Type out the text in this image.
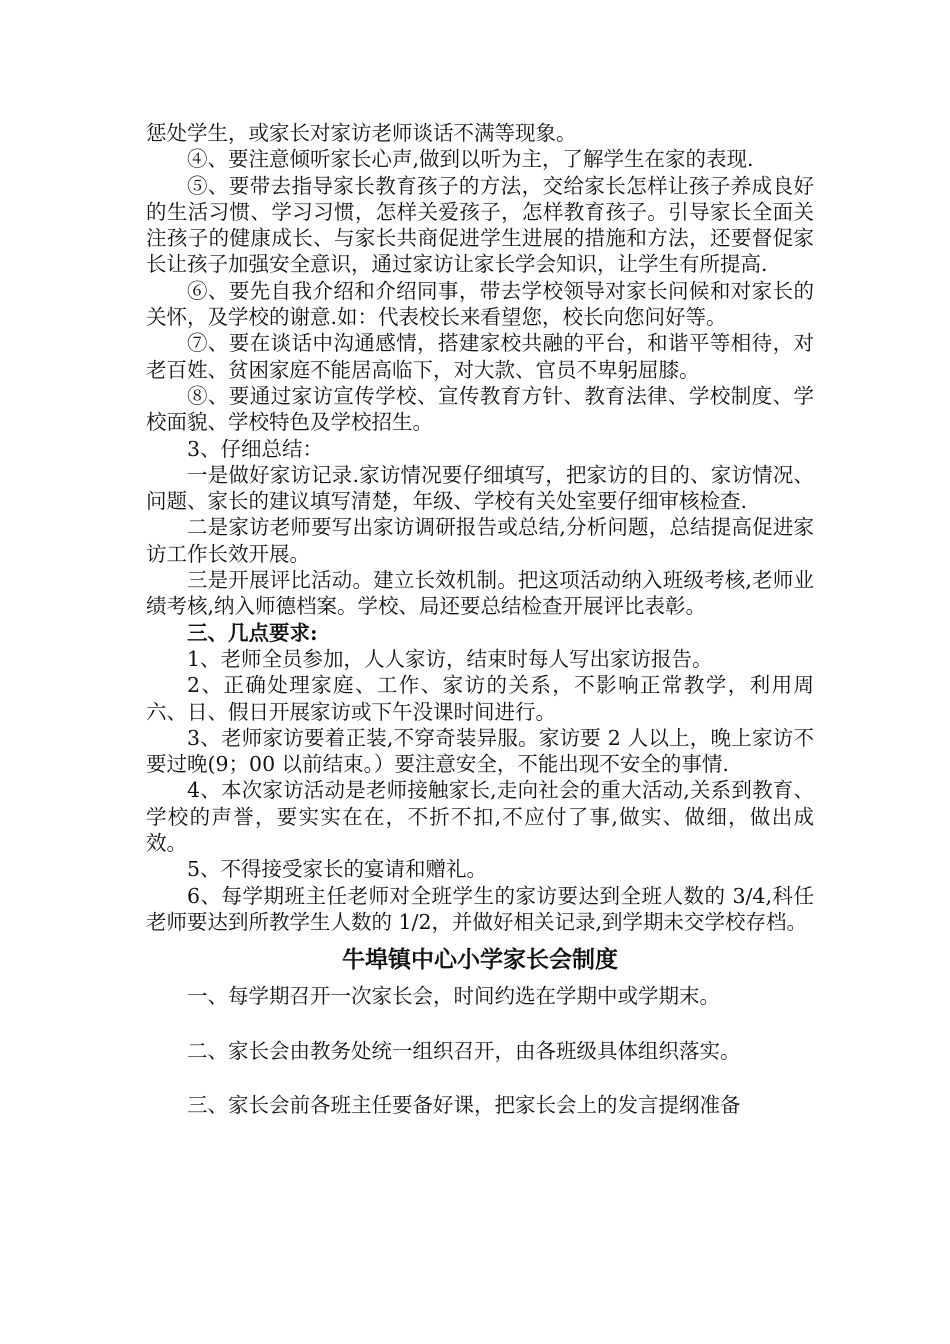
惩处学生，或家长对家访老师谈话不满等现象。

④、要注意倾听家长心声,做到以听为主，了解学生在家的表现.

⑤、要带去指导家长教育孩子的方法，交给家长怎样让孩子养成良好的生活习惯、学习习惯，怎样关爱孩子，怎样教育孩子。引导家长全面关注孩子的健康成长、与家长共商促进学生进展的措施和方法，还要督促家长让孩子加强安全意识，通过家访让家长学会知识，让学生有所提高.

⑥、要先自我介绍和介绍同事，带去学校领导对家长问候和对家长的关怀，及学校的谢意.如：代表校长来看望您，校长向您问好等。

⑦、要在谈话中沟通感情，搭建家校共融的平台，和谐平等相待，对老百姓、贫困家庭不能居高临下，对大款、官员不卑躬屈膝。

⑧、要通过家访宣传学校、宣传教育方针、教育法律、学校制度、学校面貌、学校特色及学校招生。

3、仔细总结：

一是做好家访记录.家访情况要仔细填写，把家访的目的、家访情况、问题、家长的建议填写清楚，年级、学校有关处室要仔细审核检查.

二是家访老师要写出家访调研报告或总结,分析问题，总结提高促进家访工作长效开展。

三是开展评比活动。建立长效机制。把这项活动纳入班级考核,老师业绩考核,纳入师德档案。学校、局还要总结检查开展评比表彰。

三、几点要求:

1、老师全员参加，人人家访，结束时每人写出家访报告。

2、正确处理家庭、工作、家访的关系，不影响正常教学，利用周六、日、假日开展家访或下午没课时间进行。

3、老师家访要着正装,不穿奇装异服。家访要 2 人以上，晚上家访不要过晚(9；00 以前结束。）要注意安全，不能出现不安全的事情.

4、本次家访活动是老师接触家长,走向社会的重大活动,关系到教育、学校的声誉，要实实在在，不折不扣,不应付了事,做实、做细，做出成效。

5、不得接受家长的宴请和赠礼。

6、每学期班主任老师对全班学生的家访要达到全班人数的 3/4,科任老师要达到所教学生人数的 1/2，并做好相关记录,到学期未交学校存档。

牛埠镇中心小学家长会制度

一、每学期召开一次家长会，时间约选在学期中或学期末。

二、家长会由教务处统一组织召开，由各班级具体组织落实。

三、家长会前各班主任要备好课，把家长会上的发言提纲准备
